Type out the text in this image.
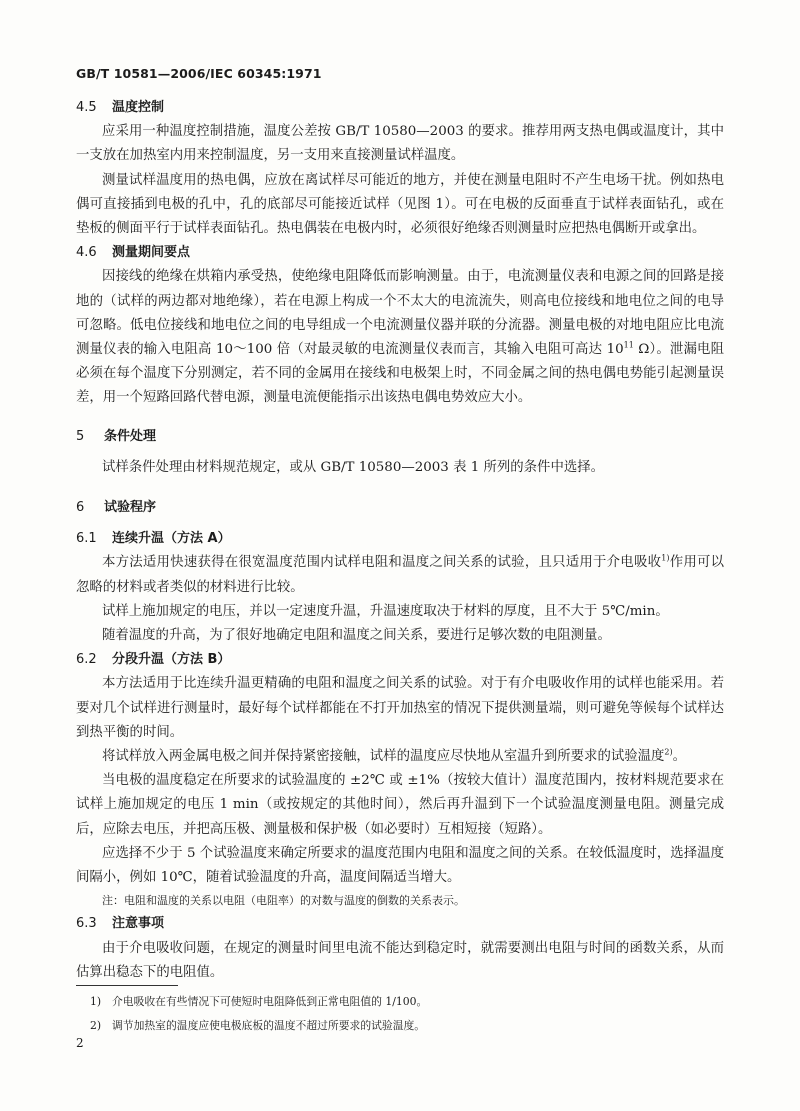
GB/T 10581—2006/IEC 60345:1971
4.5 温度控制
应采用一种温度控制措施，温度公差按 GB/T 10580—2003 的要求。推荐用两支热电偶或温度计，其中一支放在加热室内用来控制温度，另一支用来直接测量试样温度。
测量试样温度用的热电偶，应放在离试样尽可能近的地方，并使在测量电阻时不产生电场干扰。例如热电偶可直接插到电极的孔中，孔的底部尽可能接近试样（见图 1）。可在电极的反面垂直于试样表面钻孔，或在垫板的侧面平行于试样表面钻孔。热电偶装在电极内时，必须很好绝缘否则测量时应把热电偶断开或拿出。
4.6 测量期间要点
因接线的绝缘在烘箱内承受热，使绝缘电阻降低而影响测量。由于，电流测量仪表和电源之间的回路是接地的（试样的两边都对地绝缘），若在电源上构成一个不太大的电流流失，则高电位接线和地电位之间的电导可忽略。低电位接线和地电位之间的电导组成一个电流测量仪器并联的分流器。测量电极的对地电阻应比电流测量仪表的输入电阻高 10～100 倍（对最灵敏的电流测量仪表而言，其输入电阻可高达 $10^{11}$ Ω）。泄漏电阻必须在每个温度下分别测定，若不同的金属用在接线和电极架上时，不同金属之间的热电偶电势能引起测量误差，用一个短路回路代替电源，测量电流便能指示出该热电偶电势效应大小。
5 条件处理
试样条件处理由材料规范规定，或从 GB/T 10580—2003 表 1 所列的条件中选择。
6 试验程序
6.1 连续升温（方法 A）
本方法适用快速获得在很宽温度范围内试样电阻和温度之间关系的试验，且只适用于介电吸收$^{1)}$作用可以忽略的材料或者类似的材料进行比较。
试样上施加规定的电压，并以一定速度升温，升温速度取决于材料的厚度，且不大于 5℃/min。
随着温度的升高，为了很好地确定电阻和温度之间关系，要进行足够次数的电阻测量。
6.2 分段升温（方法 B）
本方法适用于比连续升温更精确的电阻和温度之间关系的试验。对于有介电吸收作用的试样也能采用。若要对几个试样进行测量时，最好每个试样都能在不打开加热室的情况下提供测量端，则可避免等候每个试样达到热平衡的时间。
将试样放入两金属电极之间并保持紧密接触，试样的温度应尽快地从室温升到所要求的试验温度$^{2)}$。
当电极的温度稳定在所要求的试验温度的 ±2℃ 或 ±1%（按较大值计）温度范围内，按材料规范要求在试样上施加规定的电压 1 min（或按规定的其他时间），然后再升温到下一个试验温度测量电阻。测量完成后，应除去电压，并把高压极、测量极和保护极（如必要时）互相短接（短路）。
应选择不少于 5 个试验温度来确定所要求的温度范围内电阻和温度之间的关系。在较低温度时，选择温度间隔小，例如 10℃，随着试验温度的升高，温度间隔适当增大。
注：电阻和温度的关系以电阻（电阻率）的对数与温度的倒数的关系表示。
6.3 注意事项
由于介电吸收问题，在规定的测量时间里电流不能达到稳定时，就需要测出电阻与时间的函数关系，从而估算出稳态下的电阻值。
1) 介电吸收在有些情况下可使短时电阻降低到正常电阻值的 1/100。
2) 调节加热室的温度应使电极底板的温度不超过所要求的试验温度。
2
